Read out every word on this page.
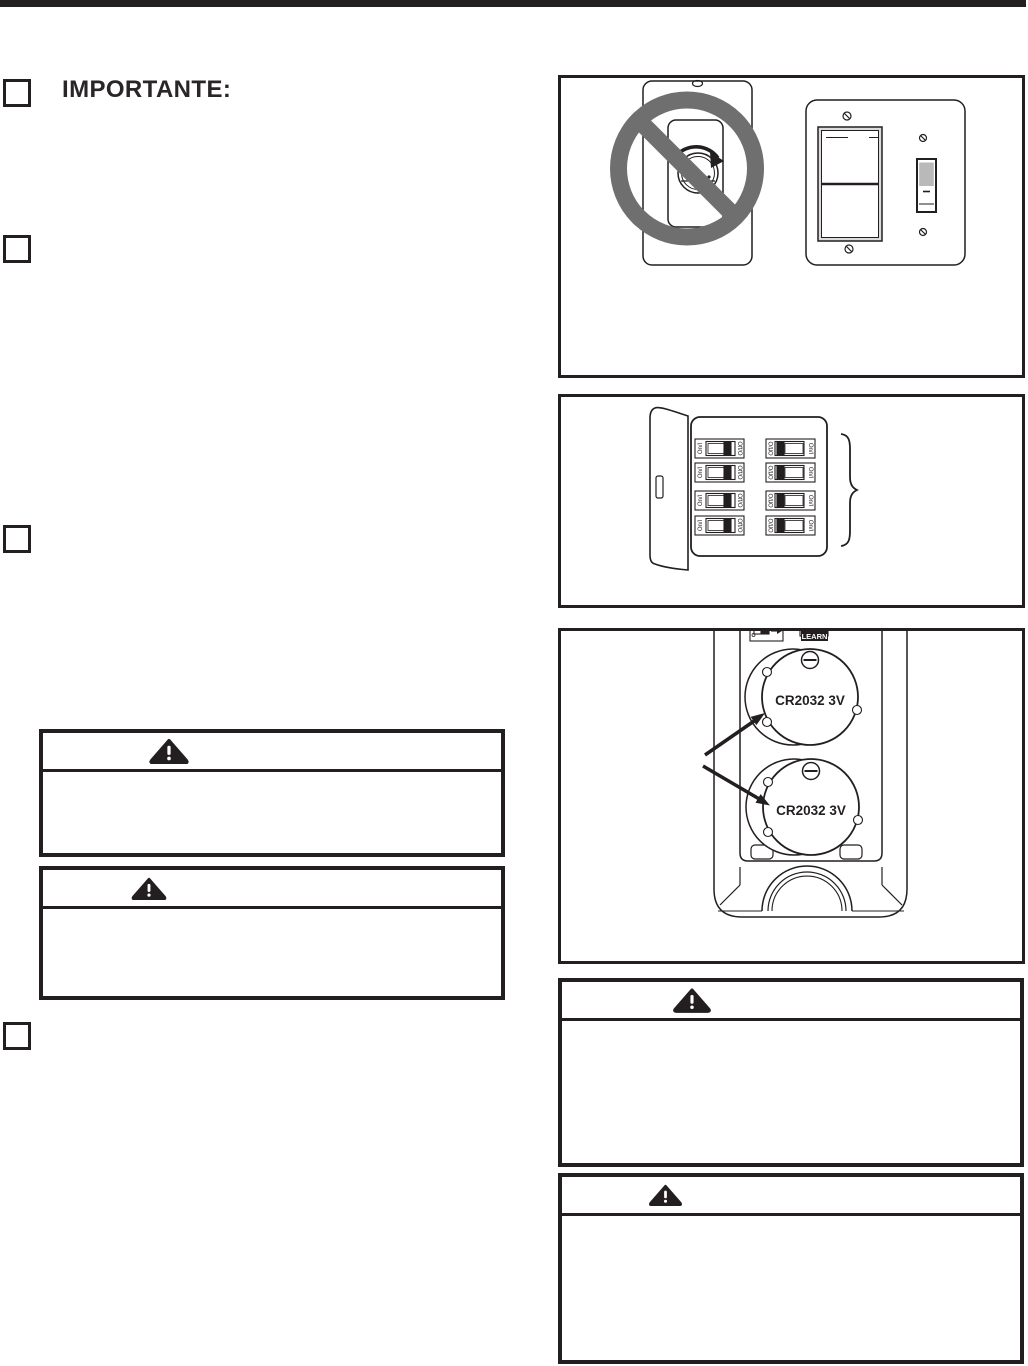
IMPORTANTE:
On/I	Off/O
On/I	Off/O
On/I	Off/O
On/I	Off/O
Off/O	On/I
Off/O	On/I
Off/O	On/I
Off/O	On/I
LEARN
CR2032 3V
CR2032 3V
